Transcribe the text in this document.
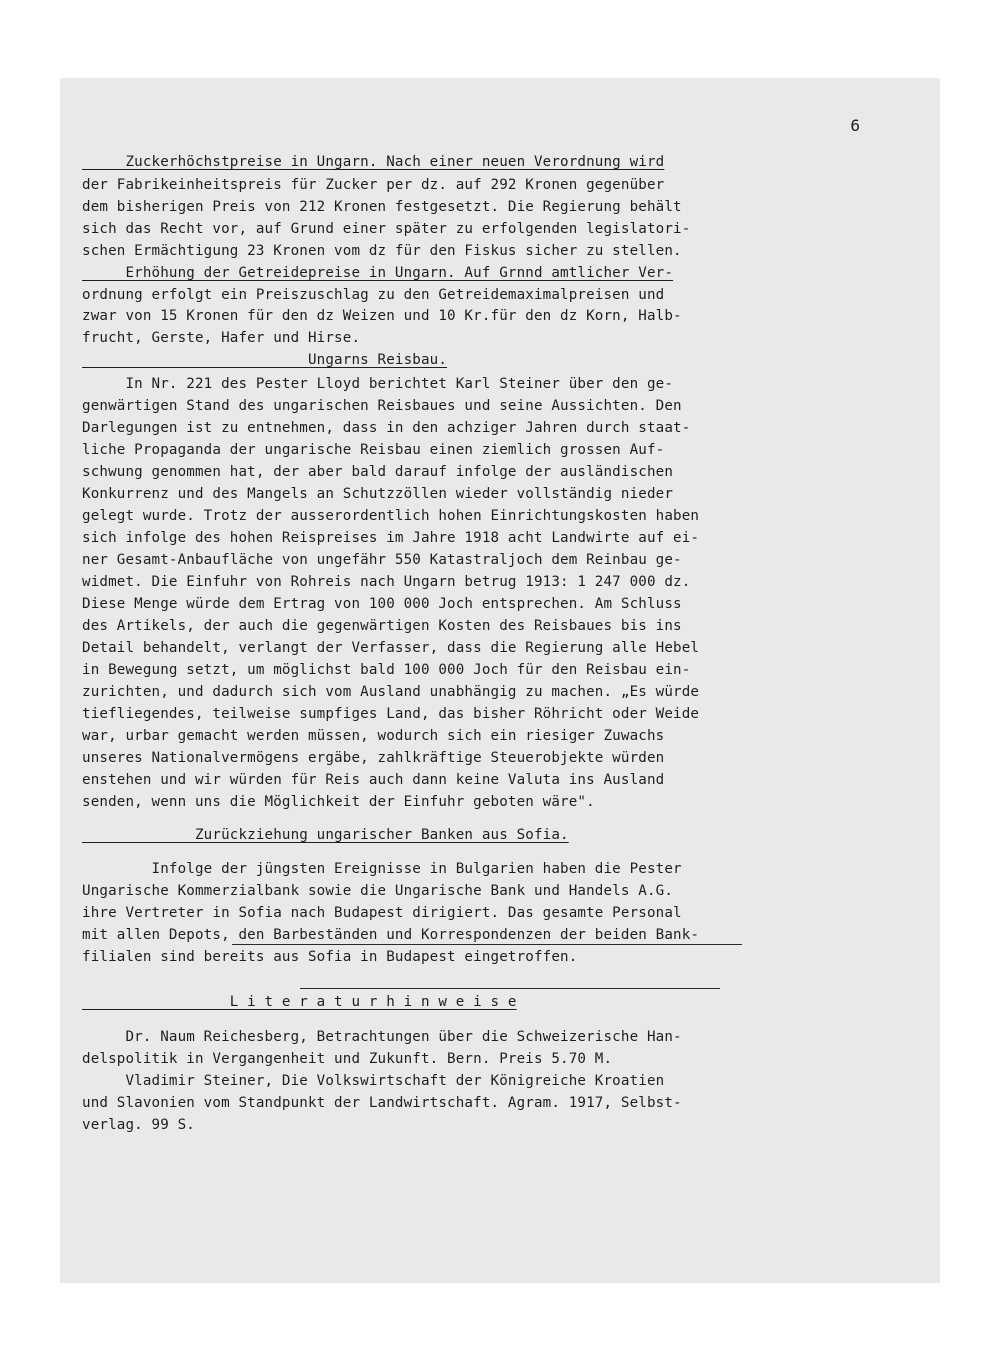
6
Zuckerhöchstpreise in Ungarn. Nach einer neuen Verordnung wird
der Fabrikeinheitspreis für Zucker per dz. auf 292 Kronen gegenüber
dem bisherigen Preis von 212 Kronen festgesetzt. Die Regierung behält
sich das Recht vor, auf Grund einer später zu erfolgenden legislatori-
schen Ermächtigung 23 Kronen vom dz für den Fiskus sicher zu stellen.
Erhöhung der Getreidepreise in Ungarn. Auf Grnnd amtlicher Ver-
ordnung erfolgt ein Preiszuschlag zu den Getreidemaximalpreisen und
zwar von 15 Kronen für den dz Weizen und 10 Kr.für den dz Korn, Halb-
frucht, Gerste, Hafer und Hirse.
Ungarns Reisbau.
In Nr. 221 des Pester Lloyd berichtet Karl Steiner über den ge-
genwärtigen Stand des ungarischen Reisbaues und seine Aussichten. Den
Darlegungen ist zu entnehmen, dass in den achziger Jahren durch staat-
liche Propaganda der ungarische Reisbau einen ziemlich grossen Auf-
schwung genommen hat, der aber bald darauf infolge der ausländischen
Konkurrenz und des Mangels an Schutzzöllen wieder vollständig nieder
gelegt wurde. Trotz der ausserordentlich hohen Einrichtungskosten haben
sich infolge des hohen Reispreises im Jahre 1918 acht Landwirte auf ei-
ner Gesamt-Anbaufläche von ungefähr 550 Katastraljoch dem Reinbau ge-
widmet. Die Einfuhr von Rohreis nach Ungarn betrug 1913: 1 247 000 dz.
Diese Menge würde dem Ertrag von 100 000 Joch entsprechen. Am Schluss
des Artikels, der auch die gegenwärtigen Kosten des Reisbaues bis ins
Detail behandelt, verlangt der Verfasser, dass die Regierung alle Hebel
in Bewegung setzt, um möglichst bald 100 000 Joch für den Reisbau ein-
zurichten, und dadurch sich vom Ausland unabhängig zu machen. „Es würde
tiefliegendes, teilweise sumpfiges Land, das bisher Röhricht oder Weide
war, urbar gemacht werden müssen, wodurch sich ein riesiger Zuwachs
unseres Nationalvermögens ergäbe, zahlkräftige Steuerobjekte würden
enstehen und wir würden für Reis auch dann keine Valuta ins Ausland
senden, wenn uns die Möglichkeit der Einfuhr geboten wäre".
Zurückziehung ungarischer Banken aus Sofia.
Infolge der jüngsten Ereignisse in Bulgarien haben die Pester
Ungarische Kommerzialbank sowie die Ungarische Bank und Handels A.G.
ihre Vertreter in Sofia nach Budapest dirigiert. Das gesamte Personal
mit allen Depots, den Barbeständen und Korrespondenzen der beiden Bank-
filialen sind bereits aus Sofia in Budapest eingetroffen.
L i t e r a t u r h i n w e i s e
Dr. Naum Reichesberg, Betrachtungen über die Schweizerische Han-
delspolitik in Vergangenheit und Zukunft. Bern. Preis 5.70 M.
Vladimir Steiner, Die Volkswirtschaft der Königreiche Kroatien
und Slavonien vom Standpunkt der Landwirtschaft. Agram. 1917, Selbst-
verlag. 99 S.
